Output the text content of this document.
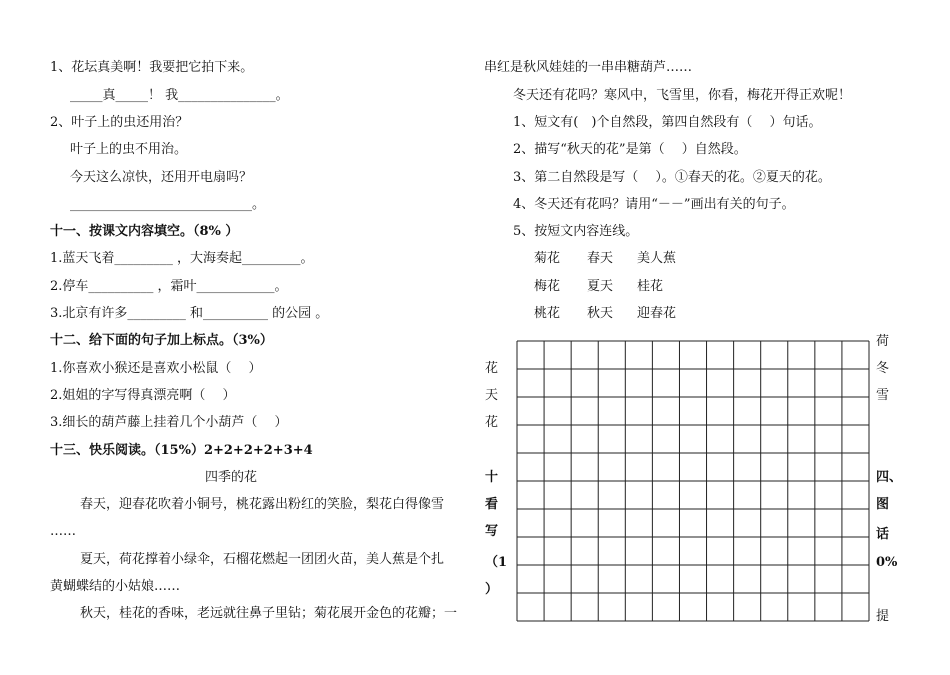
1、花坛真美啊！我要把它拍下来。
_____真_____！ 我_______________。
2、叶子上的虫还用治？
叶子上的虫不用治。
今天这么凉快，还用开电扇吗？
____________________________。
十一、按课文内容填空。（8% ）
1.蓝天飞着_________ ，大海奏起_________。
2.停车__________ ，霜叶____________。
3.北京有许多_________ 和__________ 的公园 。
十二、给下面的句子加上标点。（3%）
1.你喜欢小猴还是喜欢小松鼠（　 ）
2.姐姐的字写得真漂亮啊（　 ）
3.细长的葫芦藤上挂着几个小葫芦（　 ）
十三、快乐阅读。（15%）2+2+2+2+3+4
四季的花
春天，迎春花吹着小铜号，桃花露出粉红的笑脸，梨花白得像雪
……
夏天，荷花撑着小绿伞，石榴花燃起一团团火苗，美人蕉是个扎
黄蝴蝶结的小姑娘……
秋天，桂花的香味，老远就往鼻子里钻；菊花展开金色的花瓣；一
串红是秋风娃娃的一串串糖葫芦……
冬天还有花吗？寒风中，飞雪里，你看，梅花开得正欢呢！
1、短文有(　)个自然段，第四自然段有（　 ）句话。
2、描写“秋天的花”是第（　 ）自然段。
3、第二自然段是写（　 ）。①春天的花。②夏天的花。
4、冬天还有花吗？请用“－－”画出有关的句子。
5、按短文内容连线。
菊花 春天 美人蕉
梅花 夏天 桂花
桃花 秋天 迎春花
花
天
花
十
看
写
（1
）
荷
冬
雪
四、
图
话
0%
提
